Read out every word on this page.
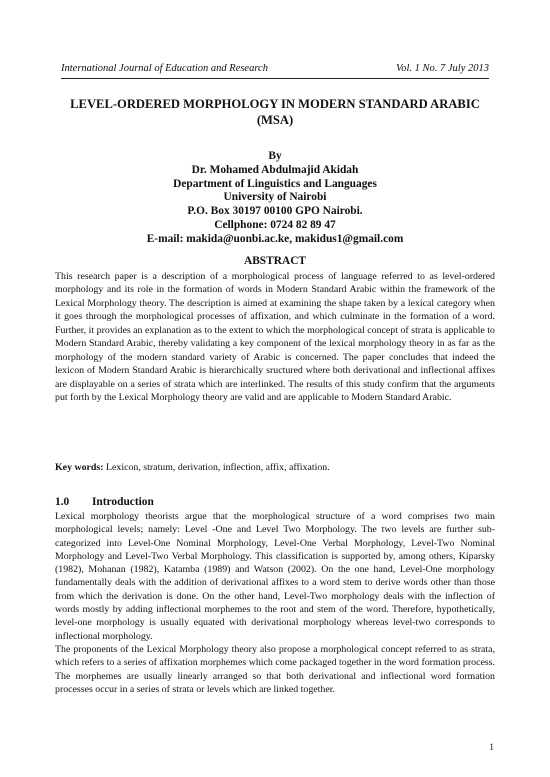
International Journal of Education and Research	Vol. 1 No. 7 July 2013
LEVEL-ORDERED MORPHOLOGY IN MODERN STANDARD ARABIC (MSA)
By
Dr. Mohamed Abdulmajid Akidah
Department of Linguistics and Languages
University of Nairobi
P.O. Box 30197 00100 GPO Nairobi.
Cellphone: 0724 82 89 47
E-mail: makida@uonbi.ac.ke, makidus1@gmail.com
ABSTRACT
This research paper is a description of a morphological process of language referred to as level-ordered morphology and its role in the formation of words in Modern Standard Arabic within the framework of the Lexical Morphology theory. The description is aimed at examining the shape taken by a lexical category when it goes through the morphological processes of affixation, and which culminate in the formation of a word. Further, it provides an explanation as to the extent to which the morphological concept of strata is applicable to Modern Standard Arabic, thereby validating a key component of the lexical morphology theory in as far as the morphology of the modern standard variety of Arabic is concerned. The paper concludes that indeed the lexicon of Modern Standard Arabic is hierarchically sructured where both derivational and inflectional affixes are displayable on a series of strata which are interlinked. The results of this study confirm that the arguments put forth by the Lexical Morphology theory are valid and are applicable to Modern Standard Arabic.
Key words: Lexicon, stratum, derivation, inflection, affix, affixation.
1.0	Introduction
Lexical morphology theorists argue that the morphological structure of a word comprises two main morphological levels; namely: Level -One and Level Two Morphology. The two levels are further sub-categorized into Level-One Nominal Morphology, Level-One Verbal Morphology, Level-Two Nominal Morphology and Level-Two Verbal Morphology. This classification is supported by, among others, Kiparsky (1982), Mohanan (1982), Katamba (1989) and Watson (2002). On the one hand, Level-One morphology fundamentally deals with the addition of derivational affixes to a word stem to derive words other than those from which the derivation is done. On the other hand, Level-Two morphology deals with the inflection of words mostly by adding inflectional morphemes to the root and stem of the word. Therefore, hypothetically, level-one morphology is usually equated with derivational morphology whereas level-two corresponds to inflectional morphology.
The proponents of the Lexical Morphology theory also propose a morphological concept referred to as strata, which refers to a series of affixation morphemes which come packaged together in the word formation process. The morphemes are usually linearly arranged so that both derivational and inflectional word formation processes occur in a series of strata or levels which are linked together.
1
